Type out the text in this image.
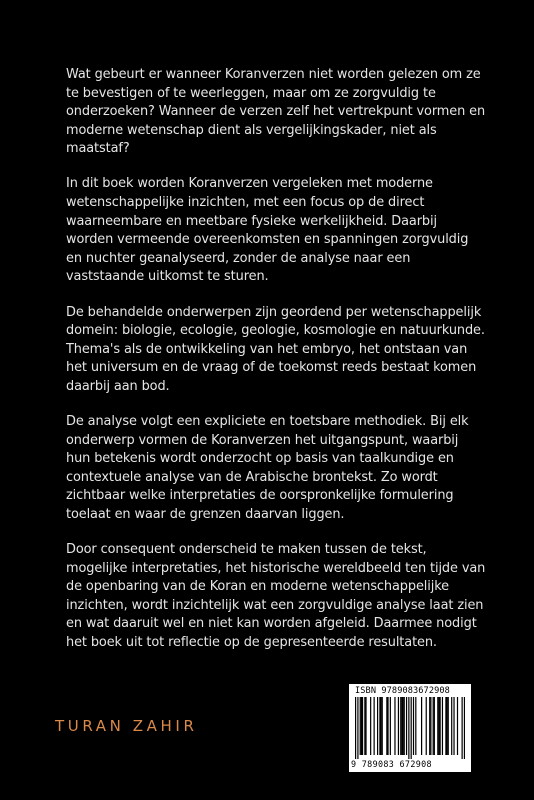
Wat gebeurt er wanneer Koranverzen niet worden gelezen om ze te bevestigen of te weerleggen, maar om ze zorgvuldig te onderzoeken? Wanneer de verzen zelf het vertrekpunt vormen en moderne wetenschap dient als vergelijkingskader, niet als maatstaf?

In dit boek worden Koranverzen vergeleken met moderne wetenschappelijke inzichten, met een focus op de direct waarneembare en meetbare fysieke werkelijkheid. Daarbij worden vermeende overeenkomsten en spanningen zorgvuldig en nuchter geanalyseerd, zonder de analyse naar een vaststaande uitkomst te sturen.

De behandelde onderwerpen zijn geordend per wetenschappelijk domein: biologie, ecologie, geologie, kosmologie en natuurkunde. Thema's als de ontwikkeling van het embryo, het ontstaan van het universum en de vraag of de toekomst reeds bestaat komen daarbij aan bod.

De analyse volgt een expliciete en toetsbare methodiek. Bij elk onderwerp vormen de Koranverzen het uitgangspunt, waarbij hun betekenis wordt onderzocht op basis van taalkundige en contextuele analyse van de Arabische brontekst. Zo wordt zichtbaar welke interpretaties de oorspronkelijke formulering toelaat en waar de grenzen daarvan liggen.

Door consequent onderscheid te maken tussen de tekst, mogelijke interpretaties, het historische wereldbeeld ten tijde van de openbaring van de Koran en moderne wetenschappelijke inzichten, wordt inzichtelijk wat een zorgvuldige analyse laat zien en wat daaruit wel en niet kan worden afgeleid. Daarmee nodigt het boek uit tot reflectie op de gepresenteerde resultaten.

TURAN ZAHIR
ISBN 9789083672908
9 789083 672908
